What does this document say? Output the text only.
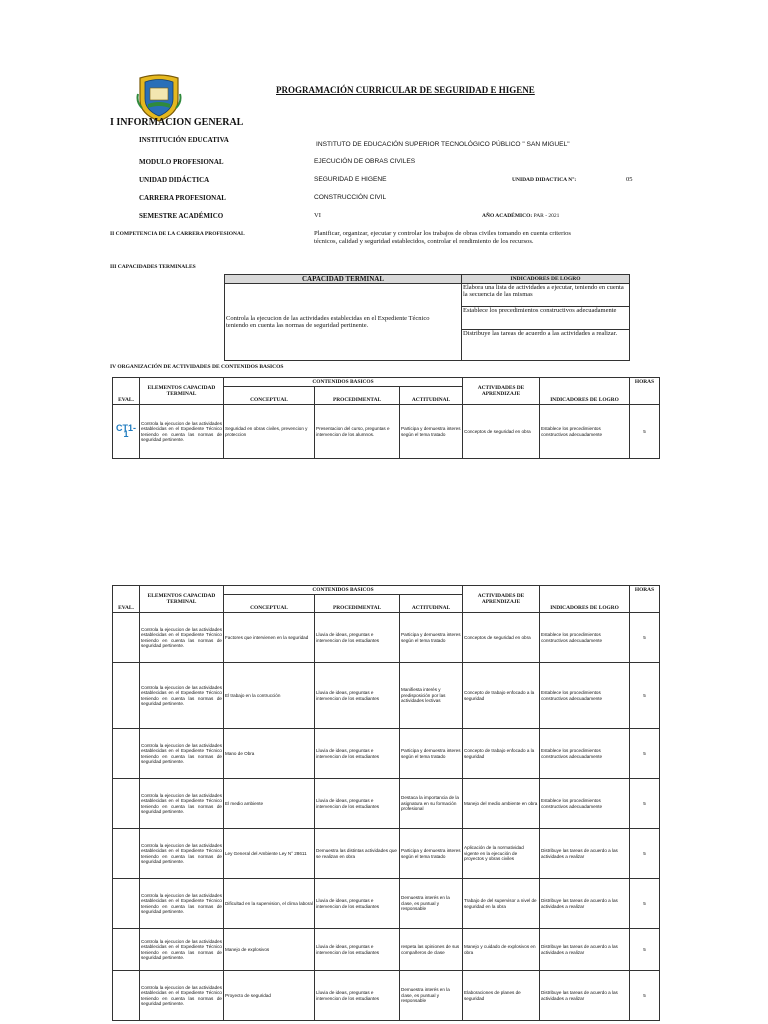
PROGRAMACIÓN CURRICULAR DE SEGURIDAD E HIGENE
I INFORMACION GENERAL
INSTITUCIÓN EDUCATIVA
INSTITUTO DE EDUCACIÓN SUPERIOR TECNOLÓGICO PÚBLICO " SAN MIGUEL"
MODULO PROFESIONAL	EJECUCIÓN DE OBRAS CIVILES
UNIDAD DIDÁCTICA	SEGURIDAD E HIGENE	UNIDAD DIDACTICA N°:	05
CARRERA PROFESIONAL	CONSTRUCCIÓN CIVIL
SEMESTRE ACADÉMICO	VI	AÑO ACADÉMICO: PAR - 2021
II COMPETENCIA DE LA CARRERA PROFESIONAL	Planificar, organizar, ejecutar y controlar los trabajos de obras civiles tomando en cuenta criterios
técnicos, calidad y seguridad establecidos, controlar el rendimiento de los recursos.
III CAPACIDADES TERMINALES
CAPACIDAD TERMINAL	INDICADORES DE LOGRO

Controla la ejecucion de las actividades establecidas en el Expediente Técnico
teniendo en cuenta las normas de seguridad pertinente.	Elabora una lista de actividades a ejecutar, teniendo en cuenta la secuencia de las mismas
	Establece los precedimientos constructivos adecuadamente
	Distribuye las tareas de acuerdo a las actividades a realizar.
IV ORGANIZACIÓN DE ACTIVIDADES DE CONTENIDOS BASICOS
EVAL.	ELEMENTOS CAPACIDAD TERMINAL	CONTENIDOS BASICOS			ACTIVIDADES DE APRENDIZAJE	INDICADORES DE LOGRO	HORAS
		CONCEPTUAL	PROCEDIMENTAL	ACTITUDINAL			
CT1-1	Controla la ejecucion de las actividades establecidas en el Expediente Técnico teniendo en cuenta las normas de seguridad pertinente.	Seguridad en obras civiles, prevencion y proteccion	Presentacion del curso, preguntas e intervencion de los alumnos.	Participa y demuestra interes según el tema tratado	Conceptos de seguridad en obra	Establece los precedimientos constructivos adecuadamente	5
EVAL.	ELEMENTOS CAPACIDAD TERMINAL	CONTENIDOS BASICOS			ACTIVIDADES DE APRENDIZAJE	INDICADORES DE LOGRO	HORAS
		CONCEPTUAL	PROCEDIMENTAL	ACTITUDINAL			
	Controla la ejecucion de las actividades establecidas en el Expediente Técnico teniendo en cuenta las normas de seguridad pertinente.	Factores que intervienen en la seguridad	Lluvia de ideas, preguntas e intervencion de los estudiantes	Participa y demuestra interes según el tema tratado	Conceptos de seguridad en obra	Establece los procedimientos constructivos adecuadamente	5
	Controla la ejecucion de las actividades establecidas en el Expediente Técnico teniendo en cuenta las normas de seguridad pertinente.	El trabajo en la contrucción	Lluvia de ideas, preguntas e intervencion de los estudiantes	Manifiesta interés y predisposición por las actividades lectivas	Concepto de trabajo enfocado a la seguridad	Establece los procedimientos constructivos adecuadamente	5
	Controla la ejecucion de las actividades establecidas en el Expediente Técnico teniendo en cuenta las normas de seguridad pertinente.	Mano de Obra	Lluvia de ideas, preguntas e intervencion de los estudiantes	Participa y demuestra interes según el tema tratado	Concepto de trabajo enfocado a la seguridad	Establece los procedimientos constructivos adecuadamente	5
	Controla la ejecucion de las actividades establecidas en el Expediente Técnico teniendo en cuenta las normas de seguridad pertinente.	El medio ambiente	Lluvia de ideas, preguntas e intervencion de los estudiantes	Destaca la importancia de la asignatura en su formación profesional	Manejo del medio ambiente en obra	Establece los procedimientos constructivos adecuadamente	5
	Controla la ejecucion de las actividades establecidas en el Expediente Técnico teniendo en cuenta las normas de seguridad pertinente.	Ley General del Ambiente Ley N° 28611	Demuestra las distintas actividades que se realizan en obra	Participa y demuestra interes según el tema tratado	Aplicación de la normatividad vigente en la ejecución de proyectos y obras civiles	Distribuye las tareas de acuerdo a las actividades a realizar	5
	Controla la ejecucion de las actividades establecidas en el Expediente Técnico teniendo en cuenta las normas de seguridad pertinente.	Dificultad en la supervision, el clima laboral	Lluvia de ideas, preguntas e intervencion de los estudiantes	Demuestra interés en la clase, es puntual y responsable	Trabajo de del supervisor a nivel de seguridad en la obra	Distribuye las tareas de acuerdo a las actividades a realizar	5
	Controla la ejecucion de las actividades establecidas en el Expediente Técnico teniendo en cuenta las normas de seguridad pertinente.	Manejo de explosivos	Lluvia de ideas, preguntas e intervencion de los estudiantes	respeta las opiniones de sus compañeros de clase	Manejo y cuidado de explosivos en obra	Distribuye las tareas de acuerdo a las actividades a realizar	5
	Controla la ejecucion de las actividades establecidas en el Expediente Técnico teniendo en cuenta las normas de seguridad pertinente.	Proyecto de seguridad	Lluvia de ideas, preguntas e intervencion de los estudiantes	Demuestra interés en la clase, es puntual y responsable	Elaboraciones de planes de seguridad	Distribuye las tareas de acuerdo a las actividades a realizar	5
